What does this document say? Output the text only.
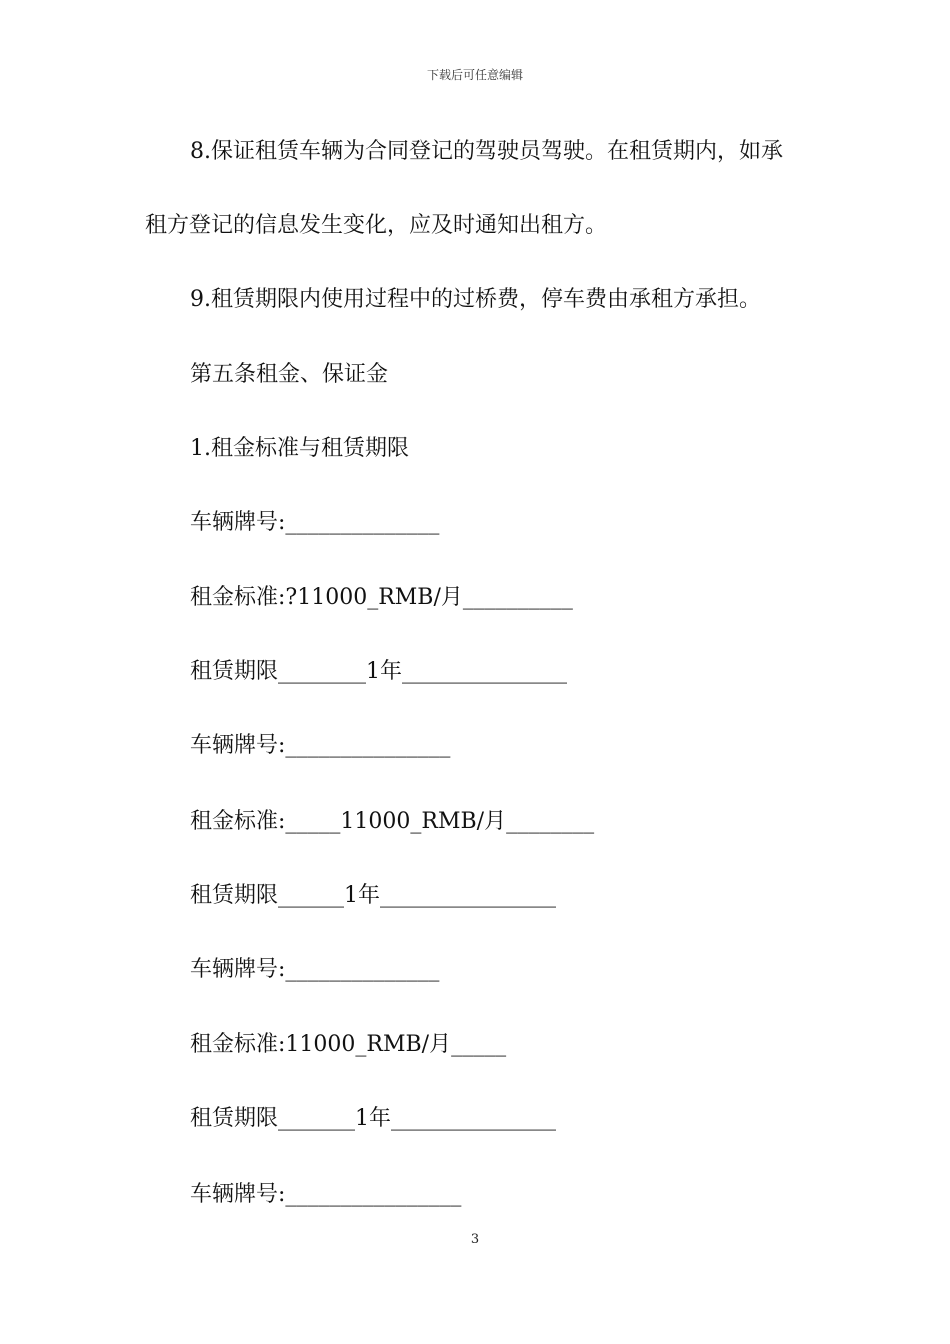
下载后可任意编辑
8.保证租赁车辆为合同登记的驾驶员驾驶。在租赁期内，如承
租方登记的信息发生变化，应及时通知出租方。
9.租赁期限内使用过程中的过桥费，停车费由承租方承担。
第五条租金、保证金
1.租金标准与租赁期限
车辆牌号:______________
租金标准:?11000_RMB/月__________
租赁期限________1年_______________
车辆牌号:_______________
租金标准:_____11000_RMB/月________
租赁期限______1年________________
车辆牌号:______________
租金标准:11000_RMB/月_____
租赁期限_______1年_______________
车辆牌号:________________
3
